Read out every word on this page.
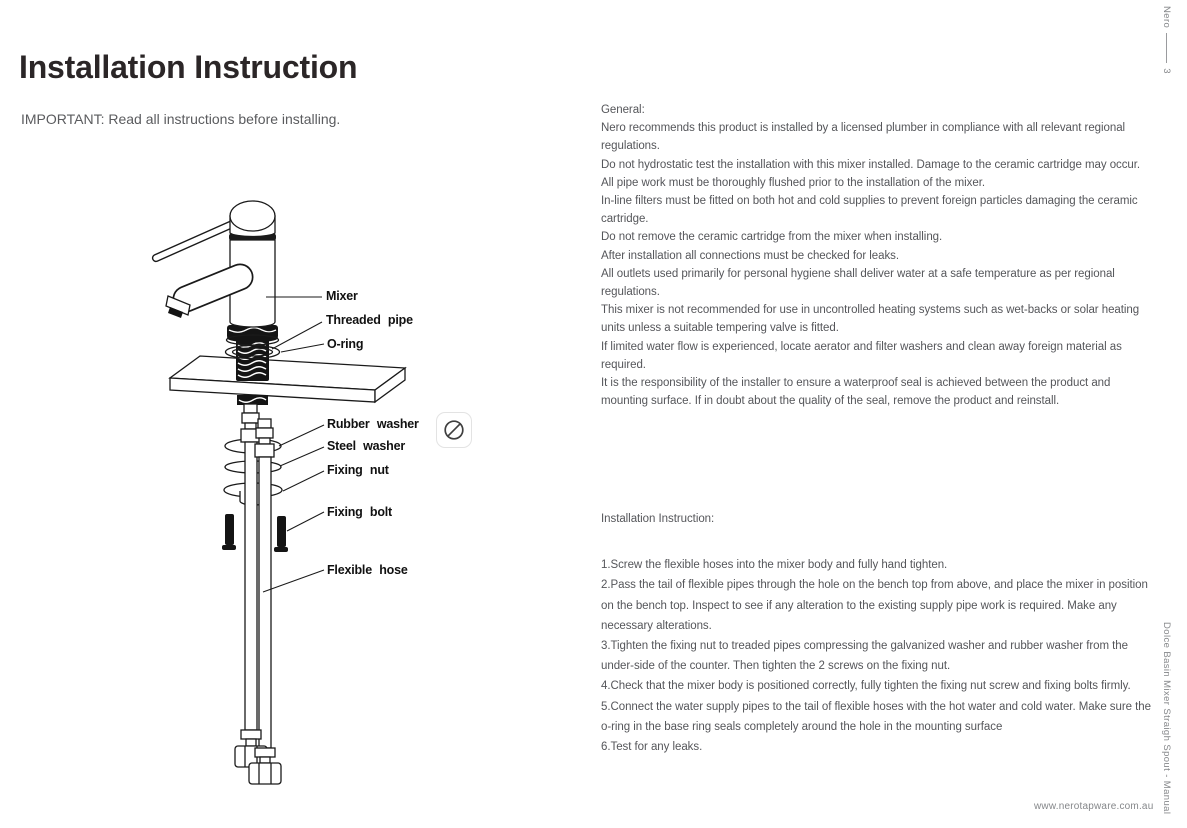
Installation Instruction
IMPORTANT: Read all instructions before installing.
Mixer
Threaded pipe
O-ring
Rubber washer
Steel washer
Fixing nut
Fixing bolt
Flexible hose

General:

Nero recommends this product is installed by a licensed plumber in compliance with all relevant regional regulations.

Do not hydrostatic test the installation with this mixer installed. Damage to the ceramic cartridge may occur.

All pipe work must be thoroughly flushed prior to the installation of the mixer.

In-line filters must be fitted on both hot and cold supplies to prevent foreign particles damaging the ceramic cartridge.

Do not remove the ceramic cartridge from the mixer when installing.

After installation all connections must be checked for leaks.

All outlets used primarily for personal hygiene shall deliver water at a safe temperature as per regional regulations.

This mixer is not recommended for use in uncontrolled heating systems such as wet-backs or solar heating units unless a suitable tempering valve is fitted.

If limited water flow is experienced, locate aerator and filter washers and clean away foreign material as required.

It is the responsibility of the installer to ensure a waterproof seal is achieved between the product and mounting surface. If in doubt about the quality of the seal, remove the product and reinstall.

Installation Instruction:

1.Screw the flexible hoses into the mixer body and fully hand tighten.

2.Pass the tail of flexible pipes through the hole on the bench top from above, and place the mixer in position on the bench top. Inspect to see if any alteration to the existing supply pipe work is required. Make any necessary alterations.

3.Tighten the fixing nut to treaded pipes compressing the galvanized washer and rubber washer from the under-side of the counter. Then tighten the 2 screws on the fixing nut.

4.Check that the mixer body is positioned correctly, fully tighten the fixing nut screw and fixing bolts firmly.

5.Connect the water supply pipes to the tail of flexible hoses with the hot water and cold water. Make sure the o-ring in the base ring seals completely around the hole in the mounting surface

6.Test for any leaks.

Nero3
Dolce Basin Mixer Straigh Spout - Manual
www.nerotapware.com.au
